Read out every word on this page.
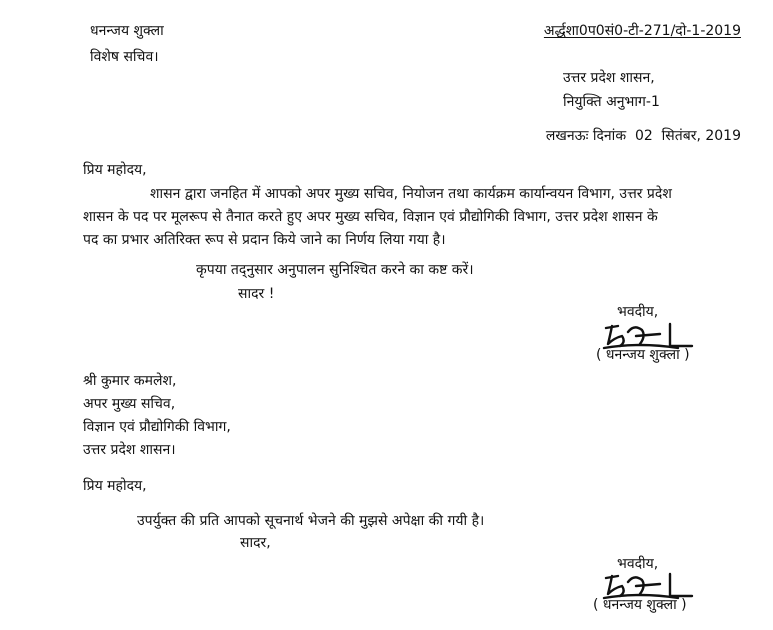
धनन्जय शुक्ला
विशेष सचिव।
अर्द्धशा0प0सं0-टी-271/दो-1-2019
उत्तर प्रदेश शासन,
नियुक्ति अनुभाग-1
लखनऊः दिनांक  02  सितंबर, 2019
प्रिय महोदय,
शासन द्वारा जनहित में आपको अपर मुख्य सचिव, नियोजन तथा कार्यक्रम कार्यान्वयन विभाग, उत्तर प्रदेश
शासन के पद पर मूलरूप से तैनात करते हुए अपर मुख्य सचिव, विज्ञान एवं प्रौद्योगिकी विभाग, उत्तर प्रदेश शासन के
पद का प्रभार अतिरिक्त रूप से प्रदान किये जाने का निर्णय लिया गया है।
कृपया तद्नुसार अनुपालन सुनिश्चित करने का कष्ट करें।
सादर !
भवदीय,
( धनन्जय शुक्ला )
श्री कुमार कमलेश,
अपर मुख्य सचिव,
विज्ञान एवं प्रौद्योगिकी विभाग,
उत्तर प्रदेश शासन।
प्रिय महोदय,
उपर्युक्त की प्रति आपको सूचनार्थ भेजने की मुझसे अपेक्षा की गयी है।
सादर,
भवदीय,
( धनन्जय शुक्ला )
